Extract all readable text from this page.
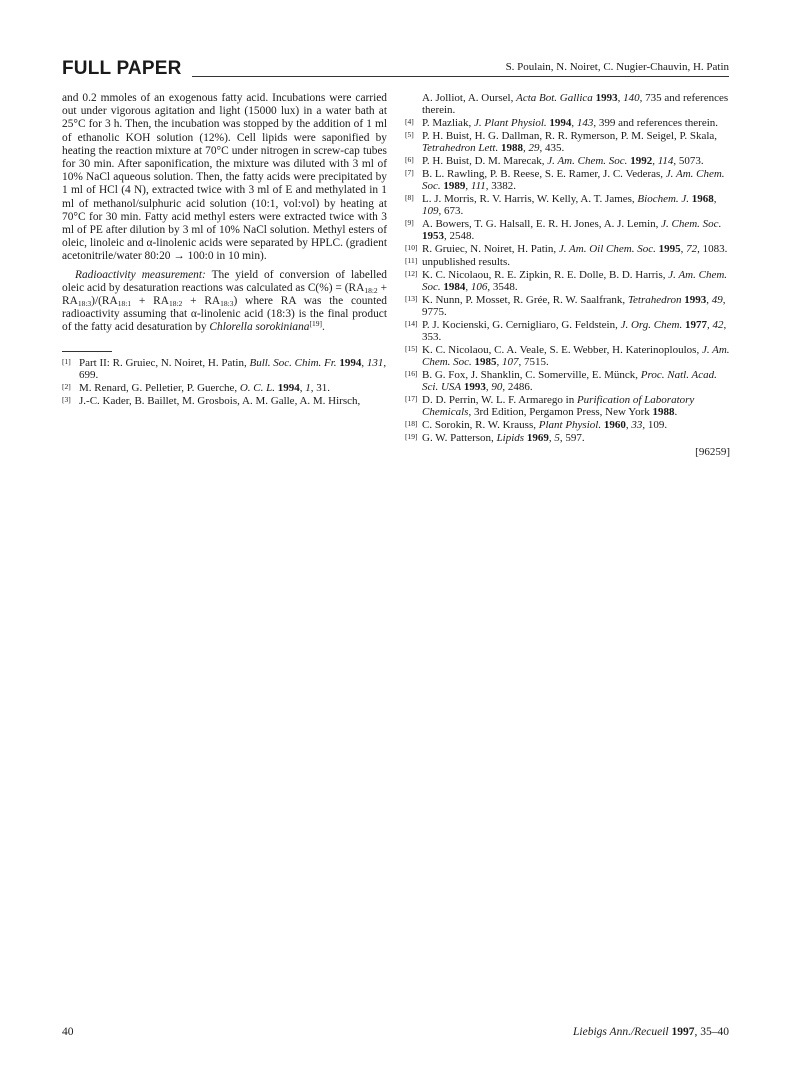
FULL PAPER	S. Poulain, N. Noiret, C. Nugier-Chauvin, H. Patin

and 0.2 mmoles of an exogenous fatty acid. Incubations were carried out under vigorous agitation and light (15000 lux) in a water bath at 25°C for 3 h. Then, the incubation was stopped by the addition of 1 ml of ethanolic KOH solution (12%). Cell lipids were saponified by heating the reaction mixture at 70°C under nitrogen in screw-cap tubes for 30 min. After saponification, the mixture was diluted with 3 ml of 10% NaCl aqueous solution. Then, the fatty acids were precipitated by 1 ml of HCl (4 N), extracted twice with 3 ml of E and methylated in 1 ml of methanol/sulphuric acid solution (10:1, vol:vol) by heating at 70°C for 30 min. Fatty acid methyl esters were extracted twice with 3 ml of PE after dilution by 3 ml of 10% NaCl solution. Methyl esters of oleic, linoleic and α-linolenic acids were separated by HPLC. (gradient acetonitrile/water 80:20 → 100:0 in 10 min).

Radioactivity measurement: The yield of conversion of labelled oleic acid by desaturation reactions was calculated as $C(\%) = (RA_{18:2} + RA_{18:3})/(RA_{18:1} + RA_{18:2} + RA_{18:3})$ where RA was the counted radioactivity assuming that α-linolenic acid (18:3) is the final product of the fatty acid desaturation by Chlorella sorokiniana[19].

[1] Part II: R. Gruiec, N. Noiret, H. Patin, Bull. Soc. Chim. Fr. 1994, 131, 699.

[2] M. Renard, G. Pelletier, P. Guerche, O. C. L. 1994, 1, 31.

[3] J.-C. Kader, B. Baillet, M. Grosbois, A. M. Galle, A. M. Hirsch,

A. Jolliot, A. Oursel, Acta Bot. Gallica 1993, 140, 735 and references therein.

[4] P. Mazliak, J. Plant Physiol. 1994, 143, 399 and references therein.

[5] P. H. Buist, H. G. Dallman, R. R. Rymerson, P. M. Seigel, P. Skala, Tetrahedron Lett. 1988, 29, 435.

[6] P. H. Buist, D. M. Marecak, J. Am. Chem. Soc. 1992, 114, 5073.

[7] B. L. Rawling, P. B. Reese, S. E. Ramer, J. C. Vederas, J. Am. Chem. Soc. 1989, 111, 3382.

[8] L. J. Morris, R. V. Harris, W. Kelly, A. T. James, Biochem. J. 1968, 109, 673.

[9] A. Bowers, T. G. Halsall, E. R. H. Jones, A. J. Lemin, J. Chem. Soc. 1953, 2548.

[10] R. Gruiec, N. Noiret, H. Patin, J. Am. Oil Chem. Soc. 1995, 72, 1083.

[11] unpublished results.

[12] K. C. Nicolaou, R. E. Zipkin, R. E. Dolle, B. D. Harris, J. Am. Chem. Soc. 1984, 106, 3548.

[13] K. Nunn, P. Mosset, R. Grée, R. W. Saalfrank, Tetrahedron 1993, 49, 9775.

[14] P. J. Kocienski, G. Cernigliaro, G. Feldstein, J. Org. Chem. 1977, 42, 353.

[15] K. C. Nicolaou, C. A. Veale, S. E. Webber, H. Katerinoploulos, J. Am. Chem. Soc. 1985, 107, 7515.

[16] B. G. Fox, J. Shanklin, C. Somerville, E. Münck, Proc. Natl. Acad. Sci. USA 1993, 90, 2486.

[17] D. D. Perrin, W. L. F. Armarego in Purification of Laboratory Chemicals, 3rd Edition, Pergamon Press, New York 1988.

[18] C. Sorokin, R. W. Krauss, Plant Physiol. 1960, 33, 109.

[19] G. W. Patterson, Lipids 1969, 5, 597.

[96259]
40	Liebigs Ann./Recueil 1997, 35–40
